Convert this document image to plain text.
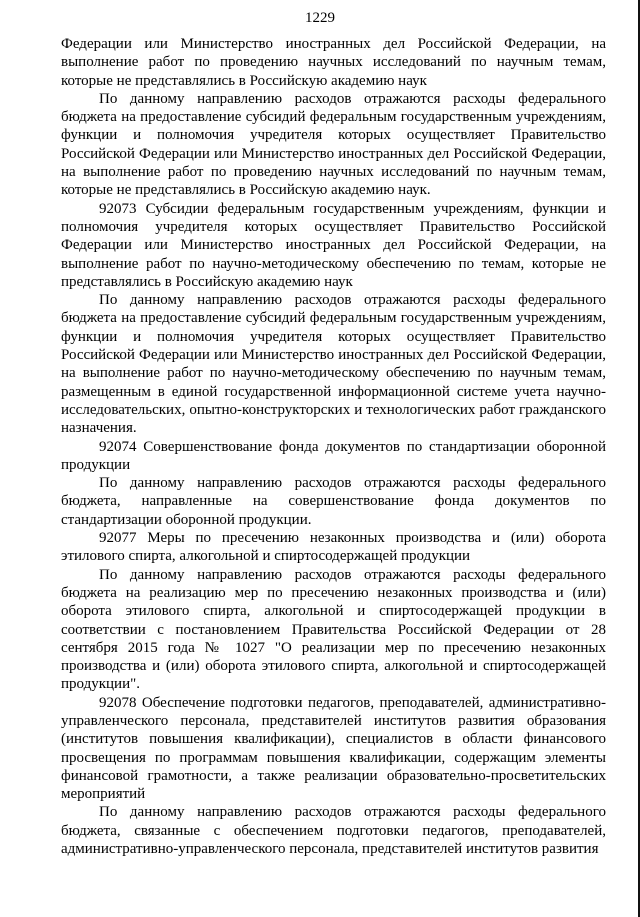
1229

Федерации или Министерство иностранных дел Российской Федерации, на выполнение работ по проведению научных исследований по научным темам, которые не представлялись в Российскую академию наук

По данному направлению расходов отражаются расходы федерального бюджета на предоставление субсидий федеральным государственным учреждениям, функции и полномочия учредителя которых осуществляет Правительство Российской Федерации или Министерство иностранных дел Российской Федерации, на выполнение работ по проведению научных исследований по научным темам, которые не представлялись в Российскую академию наук.

92073 Субсидии федеральным государственным учреждениям, функции и полномочия учредителя которых осуществляет Правительство Российской Федерации или Министерство иностранных дел Российской Федерации, на выполнение работ по научно-методическому обеспечению по темам, которые не представлялись в Российскую академию наук

По данному направлению расходов отражаются расходы федерального бюджета на предоставление субсидий федеральным государственным учреждениям, функции и полномочия учредителя которых осуществляет Правительство Российской Федерации или Министерство иностранных дел Российской Федерации, на выполнение работ по научно-методическому обеспечению по научным темам, размещенным в единой государственной информационной системе учета научно-исследовательских, опытно-конструкторских и технологических работ гражданского назначения.

92074 Совершенствование фонда документов по стандартизации оборонной продукции

По данному направлению расходов отражаются расходы федерального бюджета, направленные на совершенствование фонда документов по стандартизации оборонной продукции.

92077 Меры по пресечению незаконных производства и (или) оборота этилового спирта, алкогольной и спиртосодержащей продукции

По данному направлению расходов отражаются расходы федерального бюджета на реализацию мер по пресечению незаконных производства и (или) оборота этилового спирта, алкогольной и спиртосодержащей продукции в соответствии с постановлением Правительства Российской Федерации от 28 сентября 2015 года № 1027 "О реализации мер по пресечению незаконных производства и (или) оборота этилового спирта, алкогольной и спиртосодержащей продукции".

92078 Обеспечение подготовки педагогов, преподавателей, административно-управленческого персонала, представителей институтов развития образования (институтов повышения квалификации), специалистов в области финансового просвещения по программам повышения квалификации, содержащим элементы финансовой грамотности, а также реализации образовательно-просветительских мероприятий

По данному направлению расходов отражаются расходы федерального бюджета, связанные с обеспечением подготовки педагогов, преподавателей, административно-управленческого персонала, представителей институтов развития
